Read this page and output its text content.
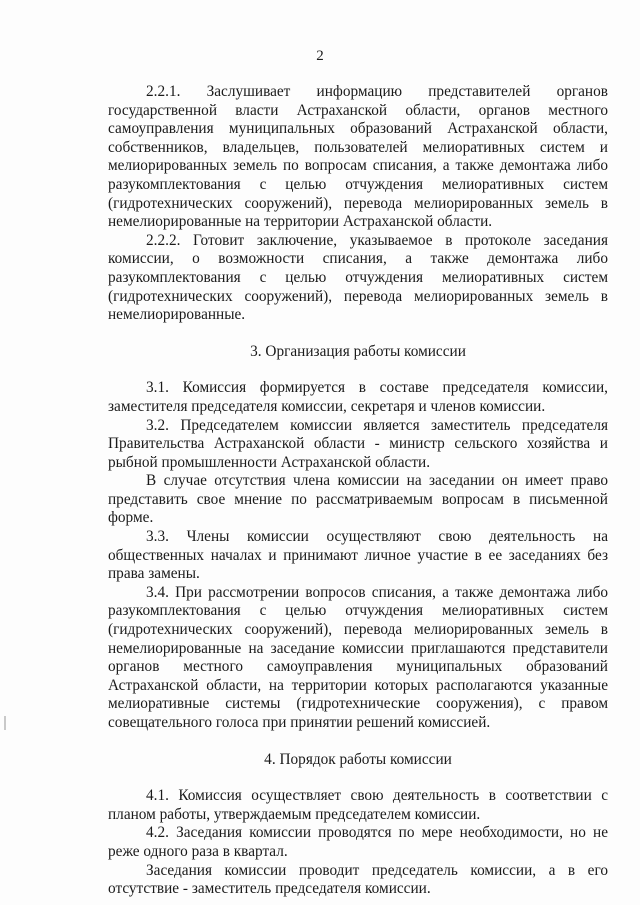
2

2.2.1. Заслушивает информацию представителей органов государственной власти Астраханской области, органов местного самоуправления муниципальных образований Астраханской области, собственников, владельцев, пользователей мелиоративных систем и мелиорированных земель по вопросам списания, а также демонтажа либо разукомплектования с целью отчуждения мелиоративных систем (гидротехнических сооружений), перевода мелиорированных земель в немелиорированные на территории Астраханской области.

2.2.2. Готовит заключение, указываемое в протоколе заседания комиссии, о возможности списания, а также демонтажа либо разукомплектования с целью отчуждения мелиоративных систем (гидротехнических сооружений), перевода мелиорированных земель в немелиорированные.

3. Организация работы комиссии

3.1. Комиссия формируется в составе председателя комиссии, заместителя председателя комиссии, секретаря и членов комиссии.

3.2. Председателем комиссии является заместитель председателя Правительства Астраханской области - министр сельского хозяйства и рыбной промышленности Астраханской области.

В случае отсутствия члена комиссии на заседании он имеет право представить свое мнение по рассматриваемым вопросам в письменной форме.

3.3. Члены комиссии осуществляют свою деятельность на общественных началах и принимают личное участие в ее заседаниях без права замены.

3.4. При рассмотрении вопросов списания, а также демонтажа либо разукомплектования с целью отчуждения мелиоративных систем (гидротехнических сооружений), перевода мелиорированных земель в немелиорированные на заседание комиссии приглашаются представители органов местного самоуправления муниципальных образований Астраханской области, на территории которых располагаются указанные мелиоративные системы (гидротехнические сооружения), с правом совещательного голоса при принятии решений комиссией.

4. Порядок работы комиссии

4.1. Комиссия осуществляет свою деятельность в соответствии с планом работы, утверждаемым председателем комиссии.

4.2. Заседания комиссии проводятся по мере необходимости, но не реже одного раза в квартал.

Заседания комиссии проводит председатель комиссии, а в его отсутствие - заместитель председателя комиссии.
